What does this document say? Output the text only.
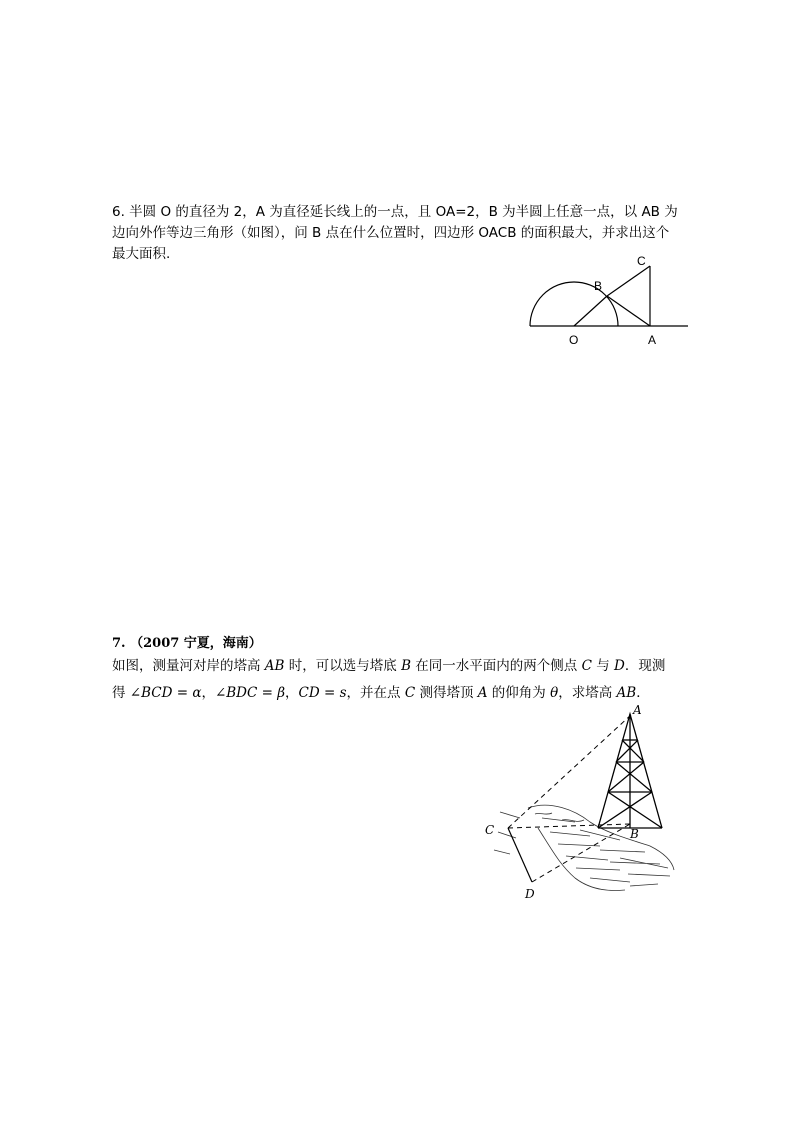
6. 半圆 O 的直径为 2，A 为直径延长线上的一点，且 OA=2，B 为半圆上任意一点，以 AB 为

边向外作等边三角形（如图），问 B 点在什么位置时，四边形 OACB 的面积最大，并求出这个

最大面积.

O	A
B
C
7. （2007 宁夏，海南）

如图，测量河对岸的塔高 AB 时，可以选与塔底 B 在同一水平面内的两个侧点 C 与 D．现测

得 ∠BCD = α，∠BDC = β，CD = s，并在点 C 测得塔顶 A 的仰角为 θ，求塔高 AB．

A
B
C
D
